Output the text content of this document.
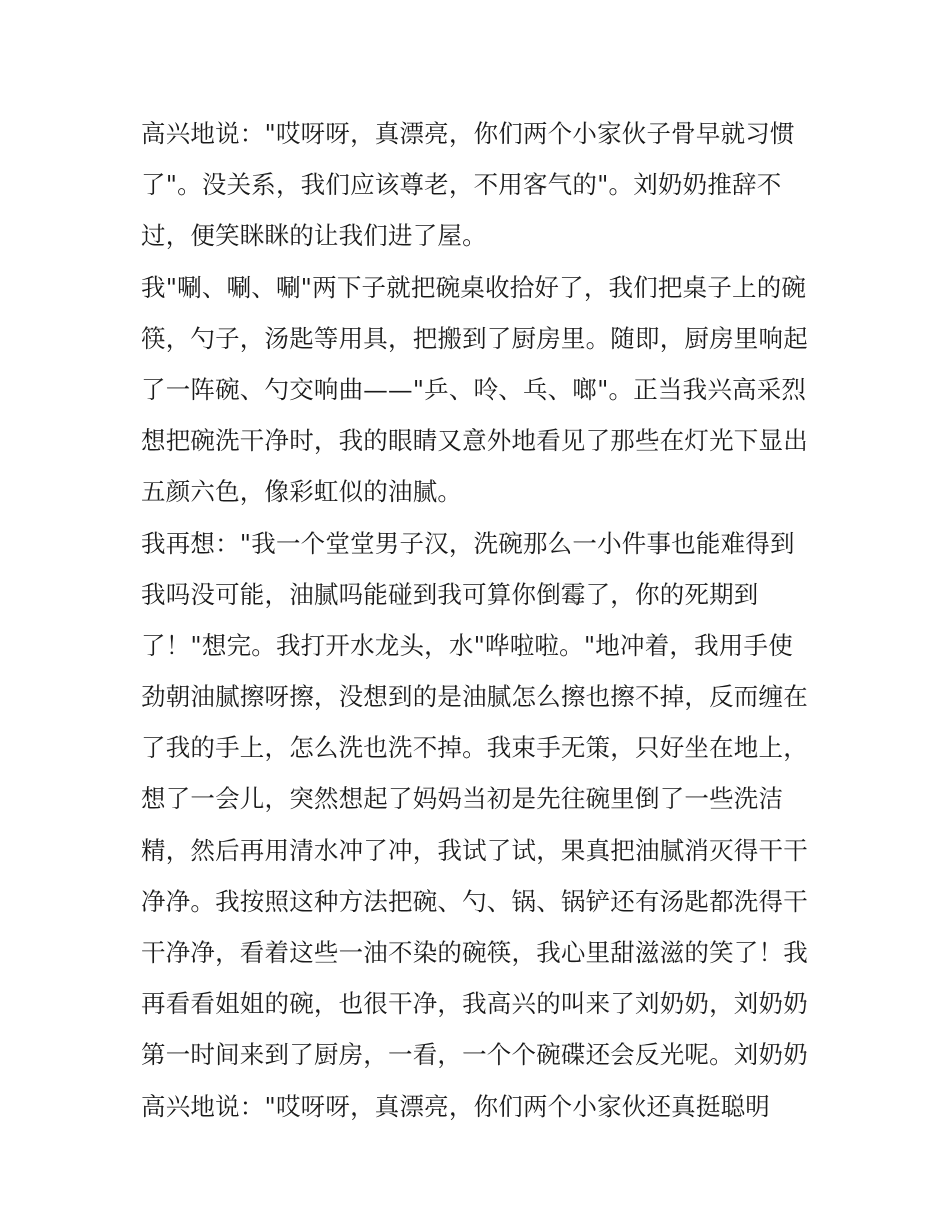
高兴地说："哎呀呀，真漂亮，你们两个小家伙子骨早就习惯
了"。没关系，我们应该尊老，不用客气的"。刘奶奶推辞不
过，便笑眯眯的让我们进了屋。
我"唰、唰、唰"两下子就把碗桌收拾好了，我们把桌子上的碗
筷，勺子，汤匙等用具，把搬到了厨房里。随即，厨房里响起
了一阵碗、勺交响曲——"乒、呤、乓、啷"。正当我兴高采烈
想把碗洗干净时，我的眼睛又意外地看见了那些在灯光下显出
五颜六色，像彩虹似的油腻。
我再想："我一个堂堂男子汉，洗碗那么一小件事也能难得到
我吗没可能，油腻吗能碰到我可算你倒霉了，你的死期到
了！"想完。我打开水龙头，水"哗啦啦。"地冲着，我用手使
劲朝油腻擦呀擦，没想到的是油腻怎么擦也擦不掉，反而缠在
了我的手上，怎么洗也洗不掉。我束手无策，只好坐在地上，
想了一会儿，突然想起了妈妈当初是先往碗里倒了一些洗洁
精，然后再用清水冲了冲，我试了试，果真把油腻消灭得干干
净净。我按照这种方法把碗、勺、锅、锅铲还有汤匙都洗得干
干净净，看着这些一油不染的碗筷，我心里甜滋滋的笑了！我
再看看姐姐的碗，也很干净，我高兴的叫来了刘奶奶，刘奶奶
第一时间来到了厨房，一看，一个个碗碟还会反光呢。刘奶奶
高兴地说："哎呀呀，真漂亮，你们两个小家伙还真挺聪明
